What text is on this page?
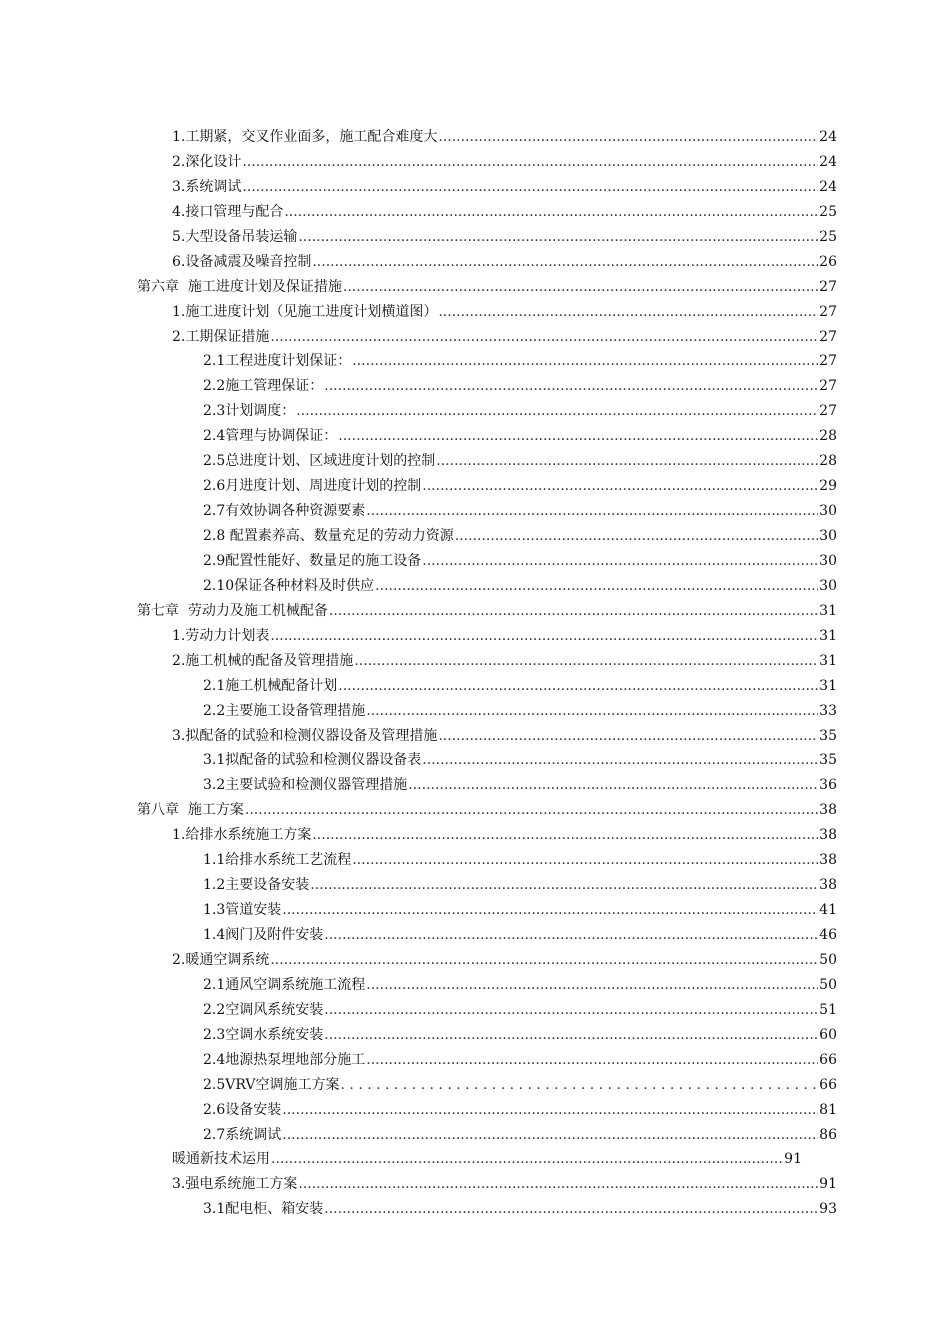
1.工期紧，交叉作业面多，施工配合难度大 .....	24
2.深化设计 .....	24
3.系统调试 .....	24
4.接口管理与配合 .....	25
5.大型设备吊装运输 .....	25
6.设备减震及噪音控制 .....	26
第六章  施工进度计划及保证措施 .....	27
1.施工进度计划（见施工进度计划横道图） .....	27
2.工期保证措施 .....	27
2.1工程进度计划保证： .....	27
2.2施工管理保证： .....	27
2.3计划调度： .....	27
2.4管理与协调保证： .....	28
2.5总进度计划、区域进度计划的控制 .....	28
2.6月进度计划、周进度计划的控制 .....	29
2.7有效协调各种资源要素 .....	30
2.8 配置素养高、数量充足的劳动力资源 .....	30
2.9配置性能好、数量足的施工设备 .....	30
2.10保证各种材料及时供应 .....	30
第七章  劳动力及施工机械配备 .....	31
1.劳动力计划表 .....	31
2.施工机械的配备及管理措施 .....	31
2.1施工机械配备计划 .....	31
2.2主要施工设备管理措施 .....	33
3.拟配备的试验和检测仪器设备及管理措施 .....	35
3.1拟配备的试验和检测仪器设备表 .....	35
3.2主要试验和检测仪器管理措施 .....	36
第八章  施工方案 .....	38
1.给排水系统施工方案 .....	38
1.1给排水系统工艺流程 .....	38
1.2主要设备安装 .....	38
1.3管道安装 .....	41
1.4阀门及附件安装 .....	46
2.暖通空调系统 .....	50
2.1通风空调系统施工流程 .....	50
2.2空调风系统安装 .....	51
2.3空调水系统安装 .....	60
2.4地源热泵埋地部分施工 .....	66
2.5VRV空调施工方案 . . .	66
2.6设备安装 .....	81
2.7系统调试 .....	86
暖通新技术运用 .....	91
3.强电系统施工方案 .....	91
3.1配电柜、箱安装 .....	93
